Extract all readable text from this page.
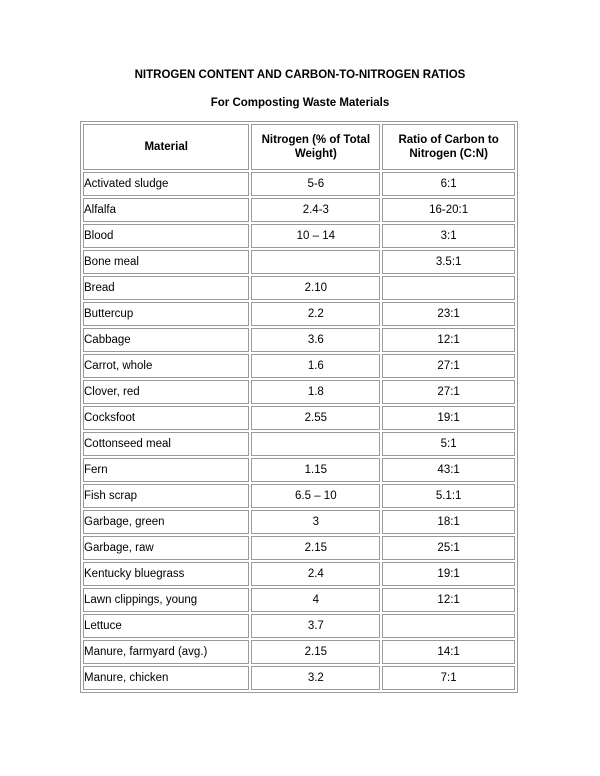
NITROGEN CONTENT AND CARBON-TO-NITROGEN RATIOS
For Composting Waste Materials
Material	Nitrogen (% of Total Weight)	Ratio of Carbon to Nitrogen (C:N)
Activated sludge	5-6	6:1
Alfalfa	2.4-3	16-20:1
Blood	10 – 14	3:1
Bone meal		3.5:1
Bread	2.10	
Buttercup	2.2	23:1
Cabbage	3.6	12:1
Carrot, whole	1.6	27:1
Clover, red	1.8	27:1
Cocksfoot	2.55	19:1
Cottonseed meal		5:1
Fern	1.15	43:1
Fish scrap	6.5 – 10	5.1:1
Garbage, green	3	18:1
Garbage, raw	2.15	25:1
Kentucky bluegrass	2.4	19:1
Lawn clippings, young	4	12:1
Lettuce	3.7	
Manure, farmyard (avg.)	2.15	14:1
Manure, chicken	3.2	7:1
